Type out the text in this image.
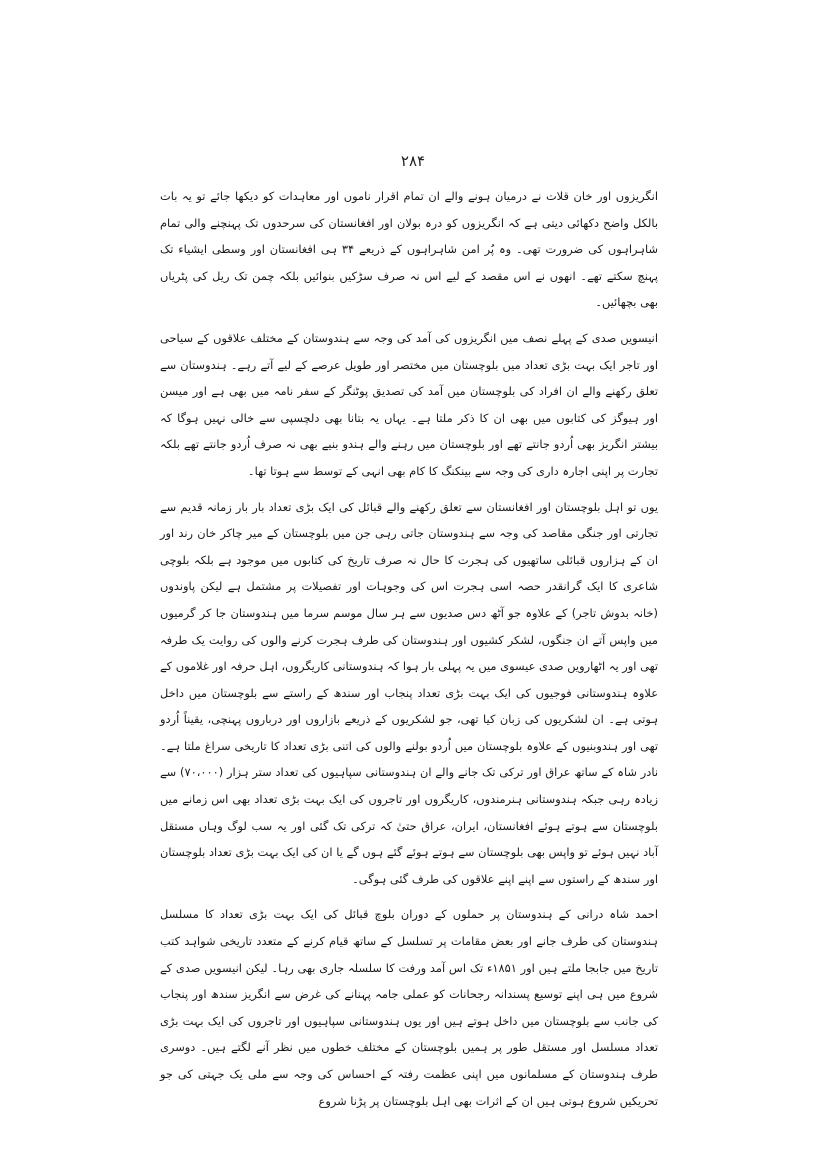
۲۸۴

انگریزوں اور خان قلات نے درمیان ہونے والے ان تمام اقرار ناموں اور معاہدات کو دیکھا جائے تو یہ بات بالکل واضح دکھائی دیتی ہے کہ انگریزوں کو درہ بولان اور افغانستان کی سرحدوں تک پہنچنے والی تمام شاہراہوں کی ضرورت تھی۔ وہ پُر امن شاہراہوں کے ذریعے ۳۴ ہی افغانستان اور وسطی ایشیاء تک پہنچ سکتے تھے۔ انھوں نے اس مقصد کے لیے اس نہ صرف سڑکیں بنوائیں بلکہ چمن تک ریل کی پٹریاں بھی بچھائیں۔

انیسویں صدی کے پہلے نصف میں انگریزوں کی آمد کی وجہ سے ہندوستان کے مختلف علاقوں کے سیاحی اور تاجر ایک بہت بڑی تعداد میں بلوچستان میں مختصر اور طویل عرصے کے لیے آتے رہے۔ ہندوستان سے تعلق رکھنے والے ان افراد کی بلوچستان میں آمد کی تصدیق پوٹنگر کے سفر نامہ میں بھی ہے اور میسن اور ہیوگز کی کتابوں میں بھی ان کا ذکر ملتا ہے۔ یہاں یہ بتانا بھی دلچسپی سے خالی نہیں ہوگا کہ بیشتر انگریز بھی اُردو جانتے تھے اور بلوچستان میں رہنے والے ہندو بنیے بھی نہ صرف اُردو جانتے تھے بلکہ تجارت پر اپنی اجارہ داری کی وجہ سے بینکنگ کا کام بھی انہی کے توسط سے ہوتا تھا۔

یوں تو اہل بلوچستان اور افغانستان سے تعلق رکھنے والے قبائل کی ایک بڑی تعداد بار بار زمانہ قدیم سے تجارتی اور جنگی مقاصد کی وجہ سے ہندوستان جاتی رہی جن میں بلوچستان کے میر چاکر خان رند اور ان کے ہزاروں قبائلی ساتھیوں کی ہجرت کا حال نہ صرف تاریخ کی کتابوں میں موجود ہے بلکہ بلوچی شاعری کا ایک گرانقدر حصہ اسی ہجرت اس کی وجوہات اور تفصیلات پر مشتمل ہے لیکن پاوندوں (خانہ بدوش تاجر) کے علاوہ جو آٹھ دس صدیوں سے ہر سال موسم سرما میں ہندوستان جا کر گرمیوں میں واپس آتے ان جنگوں، لشکر کشیوں اور ہندوستان کی طرف ہجرت کرنے والوں کی روایت یک طرفہ تھی اور یہ اٹھارویں صدی عیسوی میں یہ پہلی بار ہوا کہ ہندوستانی کاریگروں، اہل حرفہ اور غلاموں کے علاوہ ہندوستانی فوجیوں کی ایک بہت بڑی تعداد پنجاب اور سندھ کے راستے سے بلوچستان میں داخل ہوتی ہے۔ ان لشکریوں کی زبان کیا تھی، جو لشکریوں کے ذریعے بازاروں اور درباروں پہنچی، یقیناً اُردو تھی اور ہندوبنیوں کے علاوہ بلوچستان میں اُردو بولنے والوں کی اتنی بڑی تعداد کا تاریخی سراغ ملتا ہے۔ نادر شاہ کے ساتھ عراق اور ترکی تک جانے والے ان ہندوستانی سپاہیوں کی تعداد ستر ہزار (۷۰،۰۰۰) سے زیادہ رہی جبکہ ہندوستانی ہنرمندوں، کاریگروں اور تاجروں کی ایک بہت بڑی تعداد بھی اس زمانے میں بلوچستان سے ہوتے ہوئے افغانستان، ایران، عراق حتیٰ کہ ترکی تک گئی اور یہ سب لوگ وہاں مستقل آباد نہیں ہوئے تو واپس بھی بلوچستان سے ہوتے ہوئے گئے ہوں گے یا ان کی ایک بہت بڑی تعداد بلوچستان اور سندھ کے راستوں سے اپنے اپنے علاقوں کی طرف گئی ہوگی۔

احمد شاہ درانی کے ہندوستان پر حملوں کے دوران بلوچ قبائل کی ایک بہت بڑی تعداد کا مسلسل ہندوستان کی طرف جانے اور بعض مقامات پر تسلسل کے ساتھ قیام کرنے کے متعدد تاریخی شواہد کتب تاریخ میں جابجا ملتے ہیں اور ۱۸۵۱ء تک اس آمد ورفت کا سلسلہ جاری بھی رہا۔ لیکن انیسویں صدی کے شروع میں ہی اپنے توسیع پسندانہ رجحانات کو عملی جامہ پہنانے کی غرض سے انگریز سندھ اور پنجاب کی جانب سے بلوچستان میں داخل ہوتے ہیں اور یوں ہندوستانی سپاہیوں اور تاجروں کی ایک بہت بڑی تعداد مسلسل اور مستقل طور پر ہمیں بلوچستان کے مختلف خطوں میں نظر آنے لگتے ہیں۔ دوسری طرف ہندوستان کے مسلمانوں میں اپنی عظمت رفتہ کے احساس کی وجہ سے ملی یک جہتی کی جو تحریکیں شروع ہوتی ہیں ان کے اثرات بھی اہل بلوچستان پر پڑنا شروع
